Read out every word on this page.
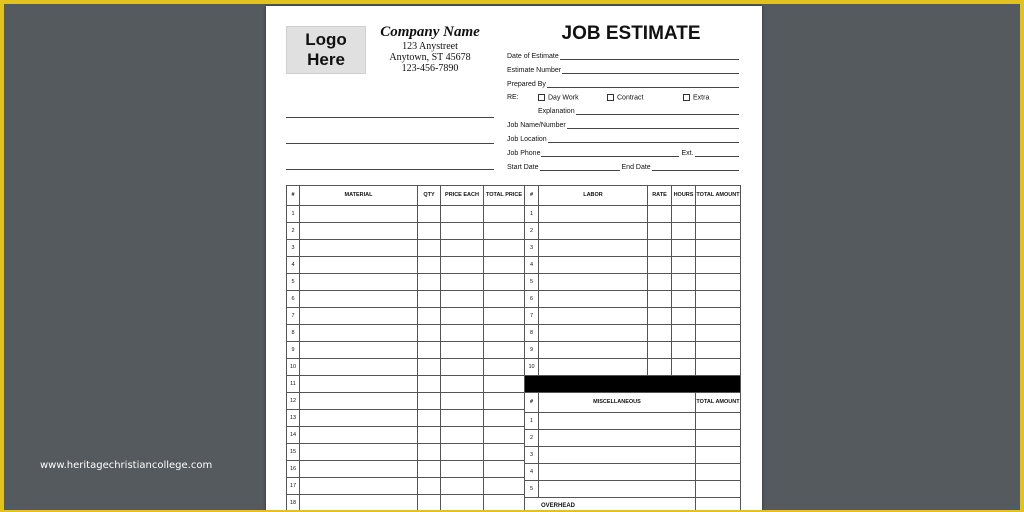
Logo
Here
Company Name
123 Anystreet
Anytown, ST 45678
123-456-7890
JOB ESTIMATE
Date of Estimate
Estimate Number
Prepared By
RE:	Day Work	Contract	Extra
Explanation
Job Name/Number
Job Location
Job Phone	Ext.
Start Date	End Date
#	MATERIAL	QTY	PRICE EACH	TOTAL PRICE
1				
2				
3				
4				
5				
6				
7				
8				
9				
10				
11				
12				
13				
14				
15				
16				
17				
18				
#	LABOR	RATE	HOURS	TOTAL AMOUNT
1				
2				
3				
4				
5				
6				
7				
8				
9				
10				

#	MISCELLANEOUS	TOTAL AMOUNT
1		
2		
3		
4		
5		
OVERHEAD		
www.heritagechristiancollege.com
